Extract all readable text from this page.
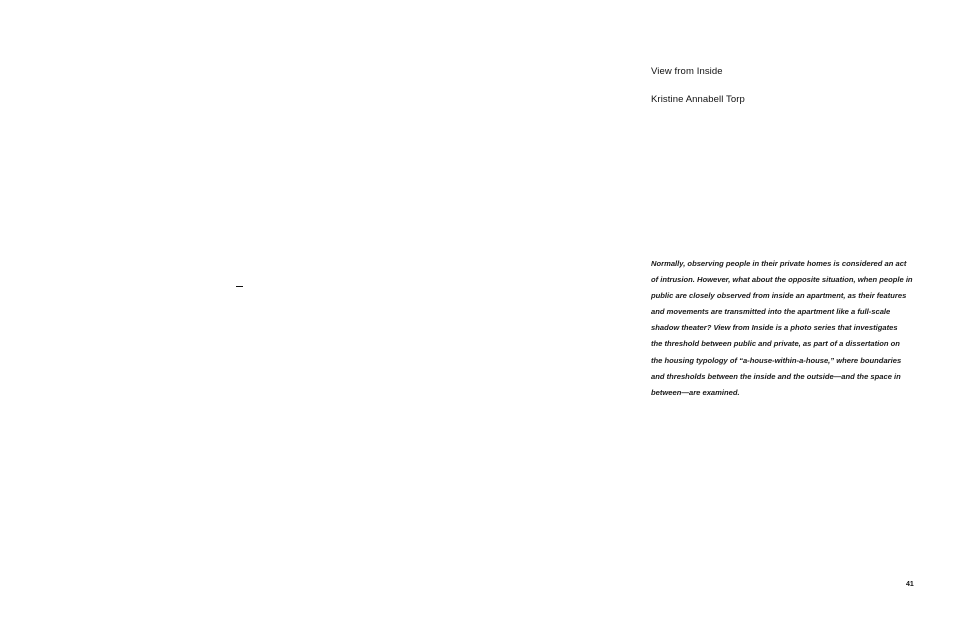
View from Inside
Kristine Annabell Torp

Normally, observing people in their private homes is considered an act
of intrusion. However, what about the opposite situation, when people in
public are closely observed from inside an apartment, as their features
and movements are transmitted into the apartment like a full-scale
shadow theater? View from Inside is a photo series that investigates
the threshold between public and private, as part of a dissertation on
the housing typology of “a-house-within-a-house,” where boundaries
and thresholds between the inside and the outside—and the space in
between—are examined.

41
